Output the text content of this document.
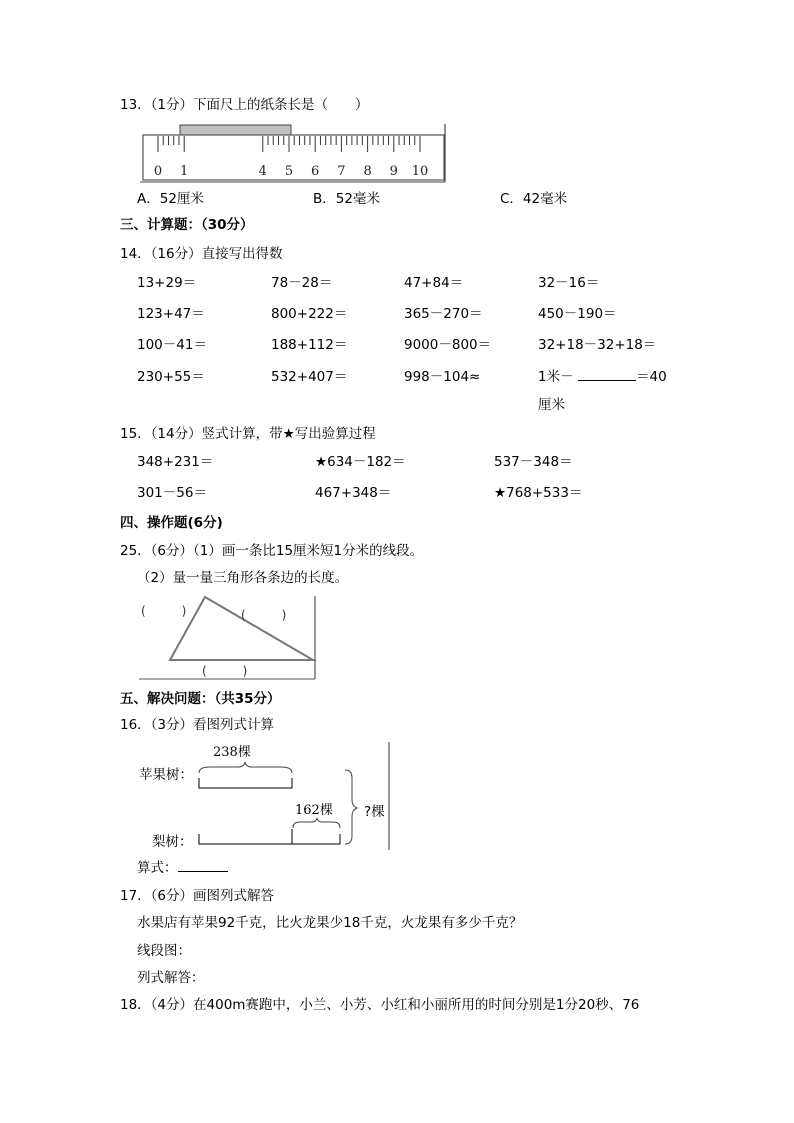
13．（1分）下面尺上的纸条长是（　　）
0 1	4 5 6 7 8 9 10
A．52厘米	B．52毫米	C．42毫米
三、计算题：（30分）
14．（16分）直接写出得数
13+29＝	78－28＝	47+84＝	32－16＝
123+47＝	800+222＝	365－270＝	450－190＝
100－41＝	188+112＝	9000－800＝	32+18－32+18＝
230+55＝	532+407＝	998－104≈	1米－	＝40
厘米
15．（14分）竖式计算，带★写出验算过程
348+231＝	★634－182＝	537－348＝
301－56＝	467+348＝	★768+533＝
四、操作题(6分)
25．（6分）（1）画一条比15厘米短1分米的线段。
（2）量一量三角形各条边的长度。
(　　　)	(　　　)
(　　　)
五、解决问题：（共35分）
16．（3分）看图列式计算
238棵
苹果树：
162棵 ?棵
梨树：
算式：
17．（6分）画图列式解答
水果店有苹果92千克，比火龙果少18千克，火龙果有多少千克？
线段图：
列式解答：
18．（4分）在400m赛跑中，小兰、小芳、小红和小丽所用的时间分别是1分20秒、76
